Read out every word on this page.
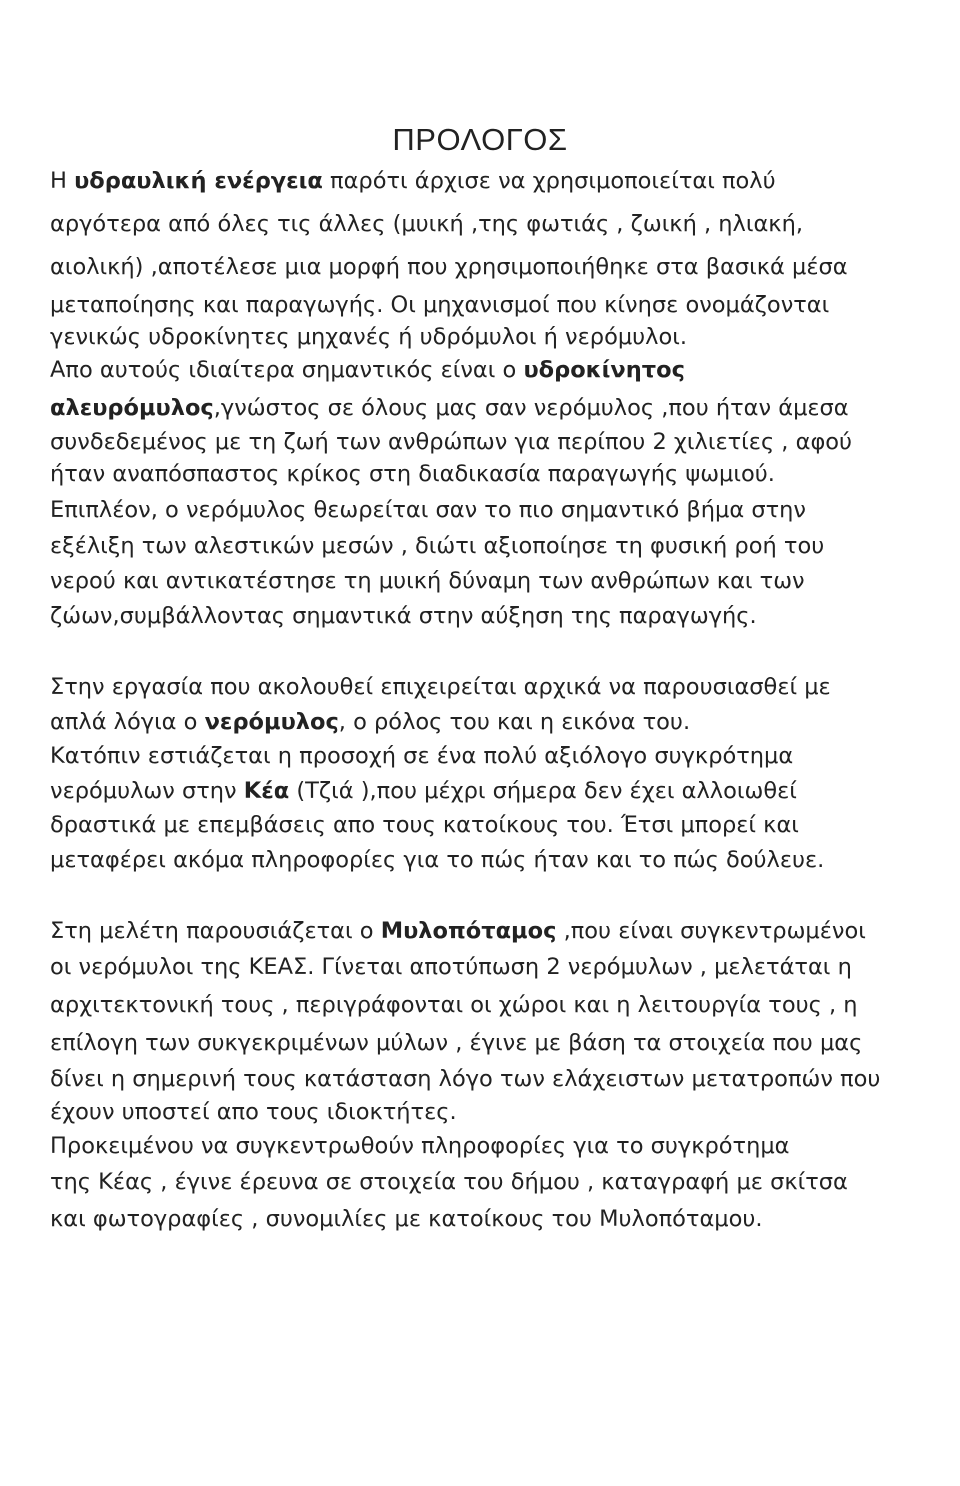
ΠΡΟΛΟΓΟΣ
Η υδραυλική ενέργεια παρότι άρχισε να χρησιμοποιείται πολύ
αργότερα από όλες τις άλλες (μυική ,της φωτιάς , ζωική , ηλιακή,
αιολική) ,αποτέλεσε μια μορφή που χρησιμοποιήθηκε στα βασικά μέσα
μεταποίησης και παραγωγής. Οι μηχανισμοί που κίνησε ονομάζονται
γενικώς υδροκίνητες μηχανές ή υδρόμυλοι ή νερόμυλοι.
Απο αυτούς ιδιαίτερα σημαντικός είναι ο υδροκίνητος
αλευρόμυλος,γνώστος σε όλους μας σαν νερόμυλος ,που ήταν άμεσα
συνδεδεμένος με τη ζωή των ανθρώπων για περίπου 2 χιλιετίες , αφού
ήταν αναπόσπαστος κρίκος στη διαδικασία παραγωγής ψωμιού.
Επιπλέον, ο νερόμυλος θεωρείται σαν το πιο σημαντικό βήμα στην
εξέλιξη των αλεστικών μεσών , διώτι αξιοποίησε τη φυσική ροή του
νερού και αντικατέστησε τη μυική δύναμη των ανθρώπων και των
ζώων,συμβάλλοντας σημαντικά στην αύξηση της παραγωγής.
Στην εργασία που ακολουθεί επιχειρείται αρχικά να παρουσιασθεί με
απλά λόγια ο νερόμυλος, ο ρόλος του και η εικόνα του.
Κατόπιν εστιάζεται η προσοχή σε ένα πολύ αξιόλογο συγκρότημα
νερόμυλων στην Κέα (Τζιά ),που μέχρι σήμερα δεν έχει αλλοιωθεί
δραστικά με επεμβάσεις απο τους κατοίκους του. Έτσι μπορεί και
μεταφέρει ακόμα πληροφορίες για το πώς ήταν και το πώς δούλευε.
Στη μελέτη παρουσιάζεται ο Μυλοπόταμος ,που είναι συγκεντρωμένοι
οι νερόμυλοι της ΚΕΑΣ. Γίνεται αποτύπωση 2 νερόμυλων , μελετάται η
αρχιτεκτονική τους , περιγράφονται οι χώροι και η λειτουργία τους , η
επίλογη των συκγεκριμένων μύλων , έγινε με βάση τα στοιχεία που μας
δίνει η σημερινή τους κατάσταση λόγο των ελάχειστων μετατροπών που
έχουν υποστεί απο τους ιδιοκτήτες.
Προκειμένου να συγκεντρωθούν πληροφορίες για το συγκρότημα
της Κέας , έγινε έρευνα σε στοιχεία του δήμου , καταγραφή με σκίτσα
και φωτογραφίες , συνομιλίες με κατοίκους του Μυλοπόταμου.
